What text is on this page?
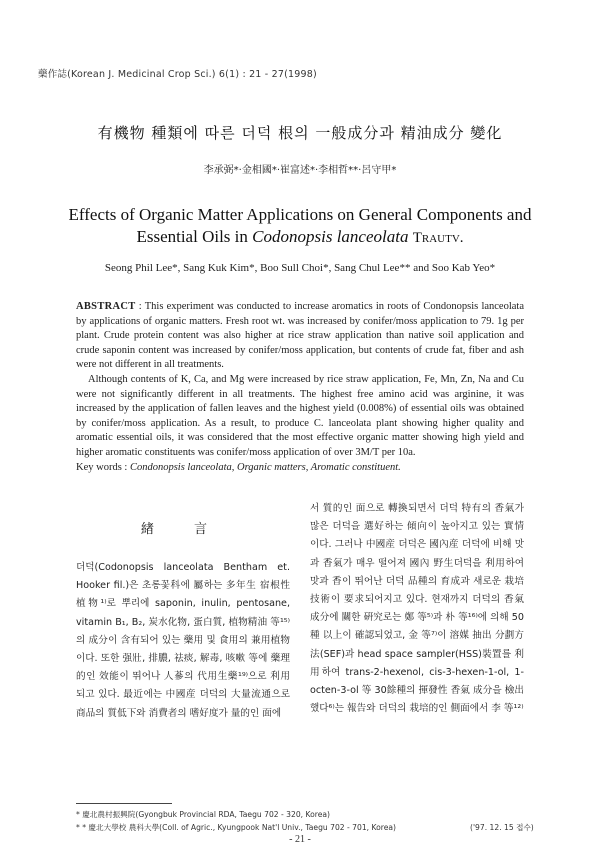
藥作誌(Korean J. Medicinal Crop Sci.) 6(1) : 21 - 27(1998)
有機物 種類에 따른 더덕 根의 一般成分과 精油成分 變化
李承弼*·金相國*·崔富述*·李相哲**·呂守甲*
Effects of Organic Matter Applications on General Components and Essential Oils in Codonopsis lanceolata Trautv.
Seong Phil Lee*, Sang Kuk Kim*, Boo Sull Choi*, Sang Chul Lee** and Soo Kab Yeo*

ABSTRACT : This experiment was conducted to increase aromatics in roots of Condonopsis lanceolata by applications of organic matters. Fresh root wt. was increased by conifer/moss application to 79. 1g per plant. Crude protein content was also higher at rice straw application than native soil application and crude saponin content was increased by conifer/moss application, but contents of crude fat, fiber and ash were not different in all treatments.

Although contents of K, Ca, and Mg were increased by rice straw application, Fe, Mn, Zn, Na and Cu were not significantly different in all treatments. The highest free amino acid was arginine, it was increased by the application of fallen leaves and the highest yield (0.008%) of essential oils was obtained by conifer/moss application. As a result, to produce C. lanceolata plant showing higher quality and aromatic essential oils, it was considered that the most effective organic matter showing high yield and higher aromatic constituents was conifer/moss application of over 3M/T per 10a.

Key words : Condonopsis lanceolata, Organic matters, Aromatic constituent.
緖 言
더덕(Codonopsis lanceolata Bentham et. Hooker fil.)은 초롱꽃科에 屬하는 多年生 宿根性 植物¹⁾로 뿌리에 saponin, inulin, pentosane, vitamin B₁, B₂, 炭水化物, 蛋白質, 植物精油 等¹⁵⁾의 成分이 含有되어 있는 藥用 및 食用의 兼用植物이다. 또한 强壯, 排膿, 祛痰, 解毒, 咳嗽 等에 藥理的인 效能이 뛰어나 人蔘의 代用生藥¹⁹⁾으로 利用되고 있다. 最近에는 中國産 더덕의 大量流通으로 商品의 質低下와 消費者의 嗜好度가 量的인 面에
서 質的인 面으로 轉換되면서 더덕 特有의 香氣가 많은 더덕을 選好하는 傾向이 높아지고 있는 實情이다. 그러나 中國産 더덕은 國內産 더덕에 비해 맛과 香氣가 매우 떨어져 國內 野生더덕을 利用하여 맛과 香이 뛰어난 더덕 品種의 育成과 새로운 栽培技術이 要求되어지고 있다. 현재까지 더덕의 香氣成分에 關한 硏究로는 鄭 等⁵⁾과 朴 等¹⁶⁾에 의해 50種 以上이 確認되었고, 金 等⁷⁾이 溶媒 抽出 分劃方法(SEF)과 head space sampler(HSS)裝置를 利用하여 trans-2-hexenol, cis-3-hexen-1-ol, 1-octen-3-ol 等 30餘種의 揮發性 香氣 成分을 檢出했다⁶⁾는 報告와 더덕의 栽培的인 側面에서 李 等¹²⁾
* 慶北農村振興院(Gyongbuk Provincial RDA, Taegu 702 - 320, Korea)
* * 慶北大學校 農科大學(Coll. of Agric., Kyungpook Nat'l Univ., Taegu 702 - 701, Korea)	('97. 12. 15 접수)
- 21 -
